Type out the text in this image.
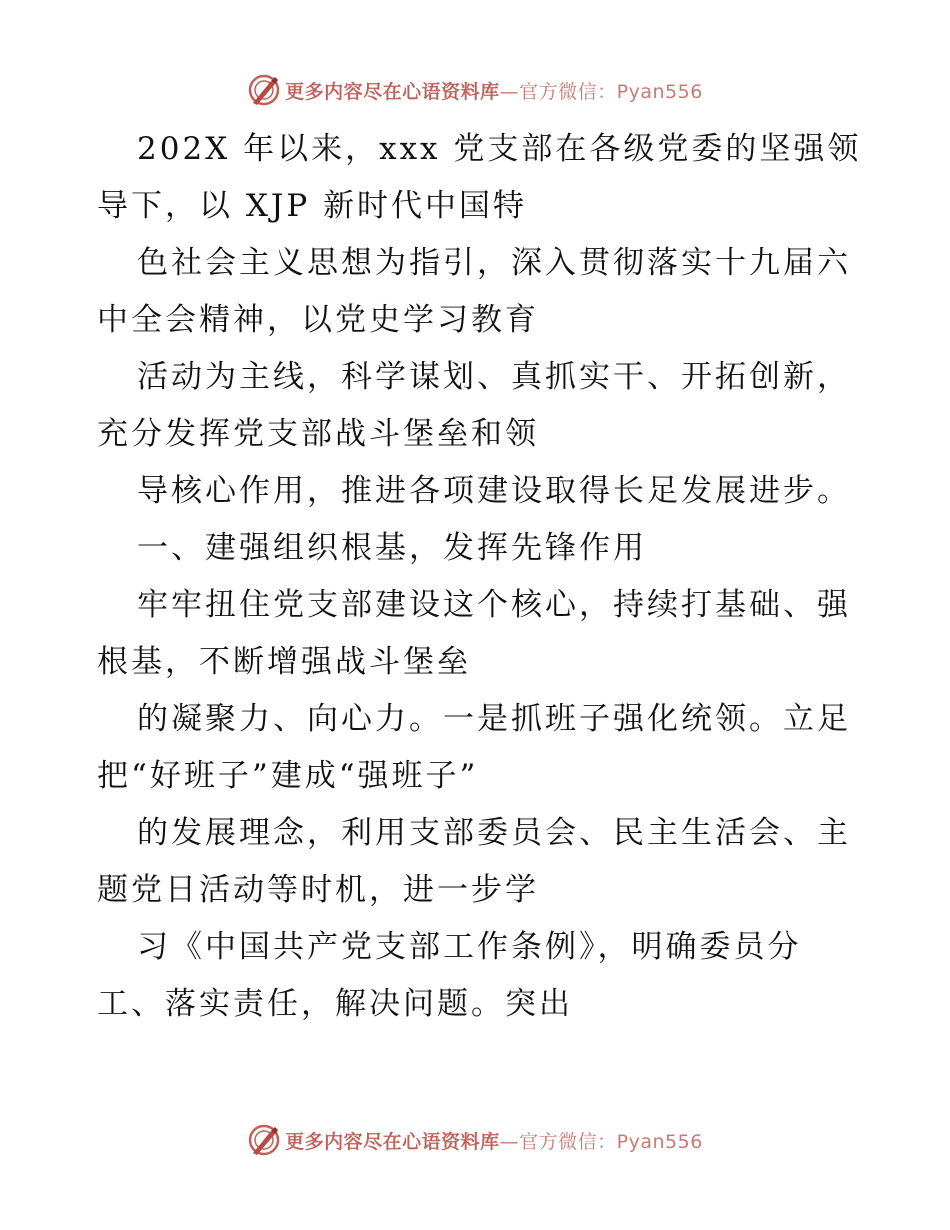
更多内容尽在心语资料库—官方微信：Pyan556
202X 年以来，xxx 党支部在各级党委的坚强领
导下，以 XJP 新时代中国特
色社会主义思想为指引，深入贯彻落实十九届六
中全会精神，以党史学习教育
活动为主线，科学谋划、真抓实干、开拓创新，
充分发挥党支部战斗堡垒和领
导核心作用，推进各项建设取得长足发展进步。
一、建强组织根基，发挥先锋作用
牢牢扭住党支部建设这个核心，持续打基础、强
根基，不断增强战斗堡垒
的凝聚力、向心力。一是抓班子强化统领。立足
把“好班子”建成“强班子”
的发展理念，利用支部委员会、民主生活会、主
题党日活动等时机，进一步学
习《中国共产党支部工作条例》，明确委员分
工、落实责任，解决问题。突出
更多内容尽在心语资料库—官方微信：Pyan556
